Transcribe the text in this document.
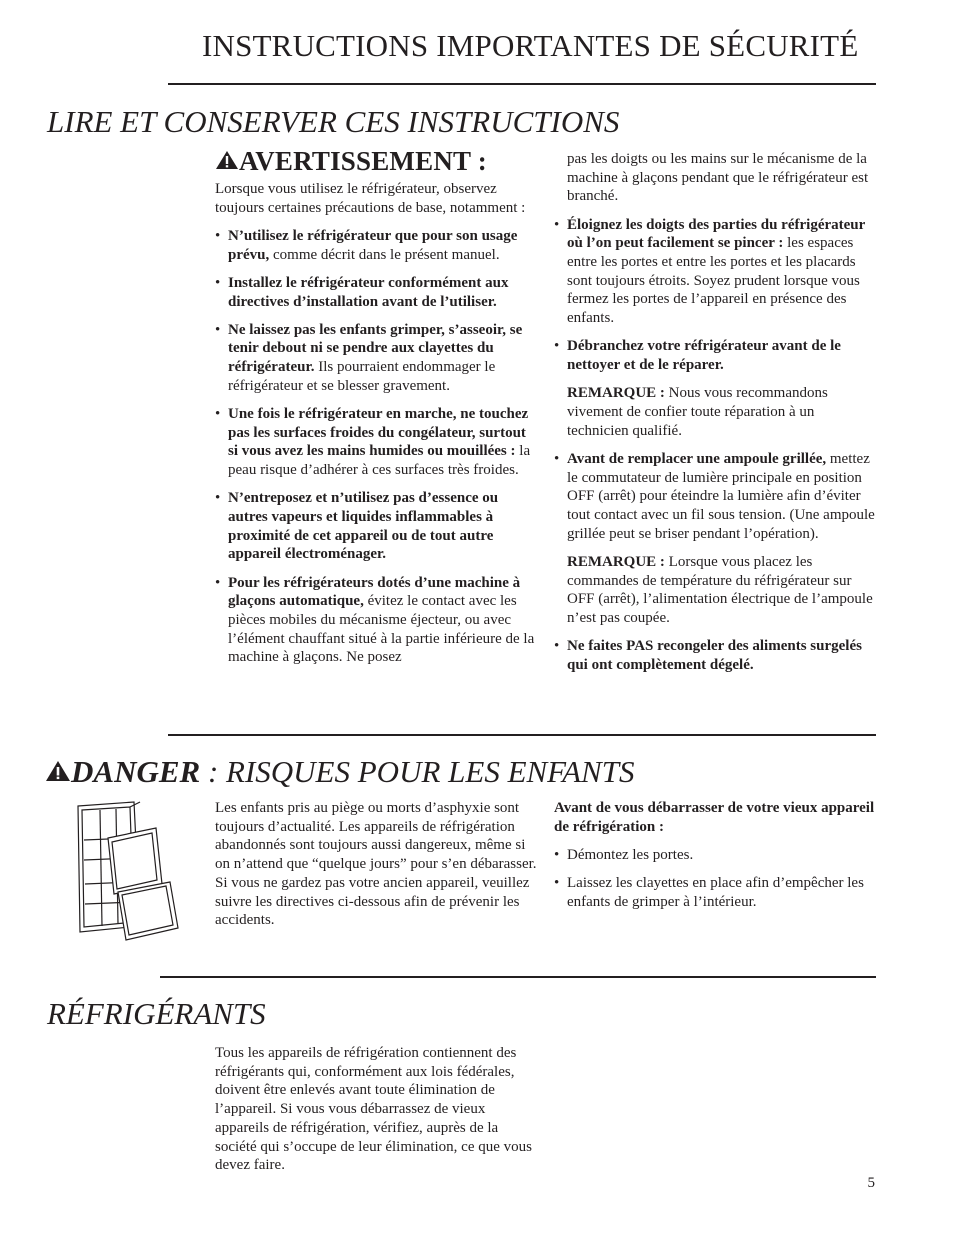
INSTRUCTIONS IMPORTANTES DE SÉCURITÉ
LIRE ET CONSERVER CES INSTRUCTIONS
AVERTISSEMENT :

Lorsque vous utilisez le réfrigérateur, observez toujours certaines précautions de base, notamment :

• N’utilisez le réfrigérateur que pour son usage prévu, comme décrit dans le présent manuel.
• Installez le réfrigérateur conformément aux directives d’installation avant de l’utiliser.
• Ne laissez pas les enfants grimper, s’asseoir, se tenir debout ni se pendre aux clayettes du réfrigérateur. Ils pourraient endommager le réfrigérateur et se blesser gravement.
• Une fois le réfrigérateur en marche, ne touchez pas les surfaces froides du congélateur, surtout si vous avez les mains humides ou mouillées : la peau risque d’adhérer à ces surfaces très froides.
• N’entreposez et n’utilisez pas d’essence ou autres vapeurs et liquides inflammables à proximité de cet appareil ou de tout autre appareil électroménager.
• Pour les réfrigérateurs dotés d’une machine à glaçons automatique, évitez le contact avec les pièces mobiles du mécanisme éjecteur, ou avec l’élément chauffant situé à la partie inférieure de la machine à glaçons. Ne posez

pas les doigts ou les mains sur le mécanisme de la machine à glaçons pendant que le réfrigérateur est branché.

• Éloignez les doigts des parties du réfrigérateur où l’on peut facilement se pincer : les espaces entre les portes et entre les portes et les placards sont toujours étroits. Soyez prudent lorsque vous fermez les portes de l’appareil en présence des enfants.
• Débranchez votre réfrigérateur avant de le nettoyer et de le réparer.

REMARQUE : Nous vous recommandons vivement de confier toute réparation à un technicien qualifié.

• Avant de remplacer une ampoule grillée, mettez le commutateur de lumière principale en position OFF (arrêt) pour éteindre la lumière afin d’éviter tout contact avec un fil sous tension. (Une ampoule grillée peut se briser pendant l’opération).

REMARQUE : Lorsque vous placez les commandes de température du réfrigérateur sur OFF (arrêt), l’alimentation électrique de l’ampoule n’est pas coupée.

• Ne faites PAS recongeler des aliments surgelés qui ont complètement dégelé.
DANGER : RISQUES POUR LES ENFANTS
Les enfants pris au piège ou morts d’asphyxie sont toujours d’actualité. Les appareils de réfrigération abandonnés sont toujours aussi dangereux, même si on n’attend que “quelque jours” pour s’en débarasser. Si vous ne gardez pas votre ancien appareil, veuillez suivre les directives ci-dessous afin de prévenir les accidents.

Avant de vous débarrasser de votre vieux appareil de réfrigération :

• Démontez les portes.
• Laissez les clayettes en place afin d’empêcher les enfants de grimper à l’intérieur.
RÉFRIGÉRANTS
Tous les appareils de réfrigération contiennent des réfrigérants qui, conformément aux lois fédérales, doivent être enlevés avant toute élimination de l’appareil. Si vous vous débarrassez de vieux appareils de réfrigération, vérifiez, auprès de la société qui s’occupe de leur élimination, ce que vous devez faire.
5
